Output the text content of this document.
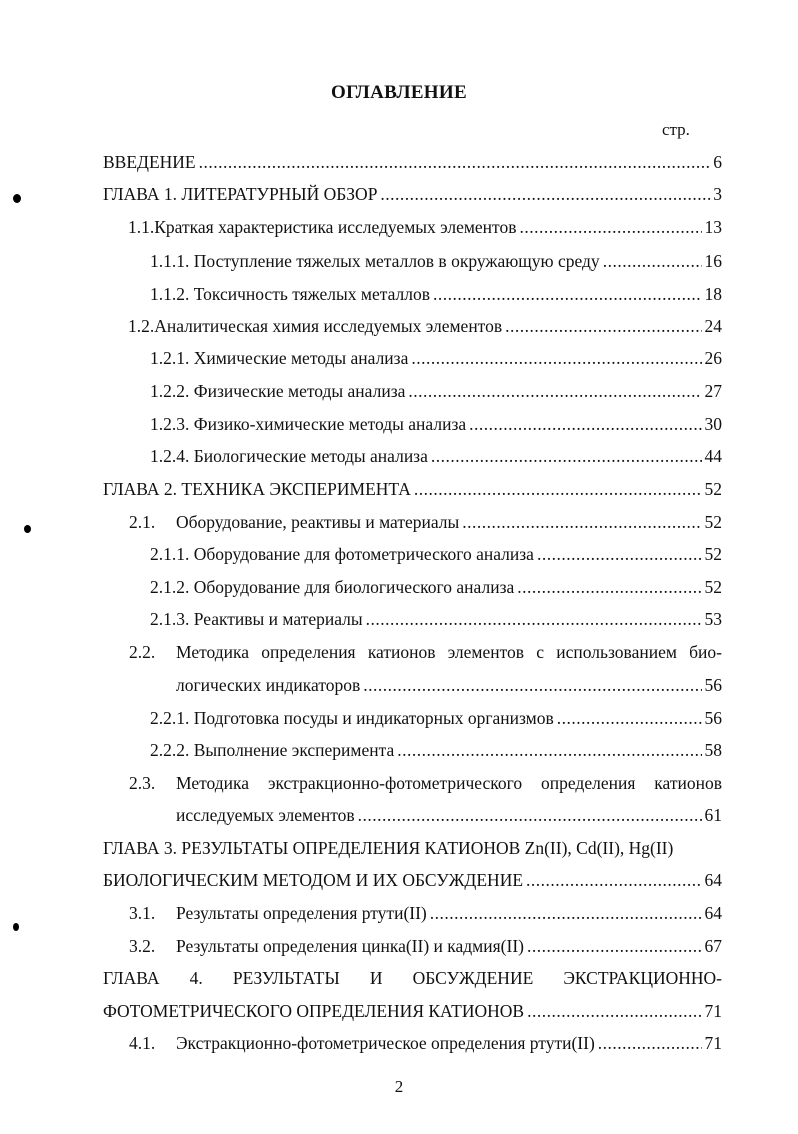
ОГЛАВЛЕНИЕ
стр.
ВВЕДЕНИЕ .....	6
ГЛАВА 1. ЛИТЕРАТУРНЫЙ ОБЗОР .....	3
1.1.Краткая характеристика исследуемых элементов .....	13
1.1.1. Поступление тяжелых металлов в окружающую среду .....	16
1.1.2. Токсичность тяжелых металлов .....	18
1.2.Аналитическая химия исследуемых элементов .....	24
1.2.1. Химические методы анализа .....	26
1.2.2. Физические методы анализа .....	27
1.2.3. Физико-химические методы анализа .....	30
1.2.4. Биологические методы анализа .....	44
ГЛАВА 2. ТЕХНИКА ЭКСПЕРИМЕНТА .....	52
2.1. Оборудование, реактивы и материалы .....	52
2.1.1. Оборудование для фотометрического анализа .....	52
2.1.2. Оборудование для биологического анализа .....	52
2.1.3. Реактивы и материалы .....	53
2.2. Методика определения катионов элементов с использованием био-
логических индикаторов .....	56
2.2.1. Подготовка посуды и индикаторных организмов .....	56
2.2.2. Выполнение эксперимента .....	58
2.3. Методика экстракционно-фотометрического определения катионов
исследуемых элементов .....	61
ГЛАВА 3. РЕЗУЛЬТАТЫ ОПРЕДЕЛЕНИЯ КАТИОНОВ Zn(II), Cd(II), Hg(II)
БИОЛОГИЧЕСКИМ МЕТОДОМ И ИХ ОБСУЖДЕНИЕ .....	64
3.1. Результаты определения ртути(II) .....	64
3.2. Результаты определения цинка(II) и кадмия(II) .....	67
ГЛАВА 4. РЕЗУЛЬТАТЫ И ОБСУЖДЕНИЕ ЭКСТРАКЦИОННО-
ФОТОМЕТРИЧЕСКОГО ОПРЕДЕЛЕНИЯ КАТИОНОВ .....	71
4.1. Экстракционно-фотометрическое определения ртути(II) .....	71
2
